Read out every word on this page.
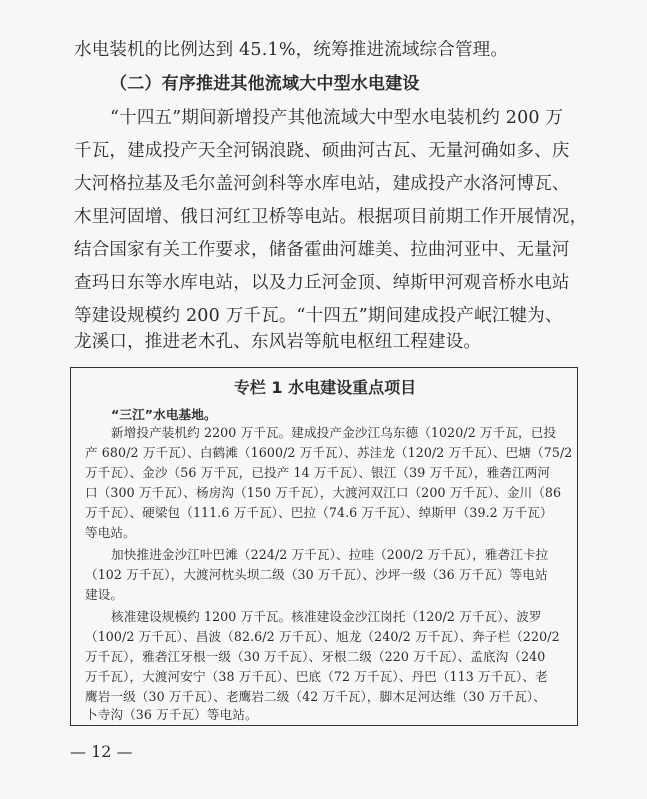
水电装机的比例达到 45.1%，统筹推进流域综合管理。
（二）有序推进其他流域大中型水电建设
“十四五”期间新增投产其他流域大中型水电装机约 200 万
千瓦，建成投产天全河锅浪跷、硕曲河古瓦、无量河确如多、庆
大河格拉基及毛尔盖河剑科等水库电站，建成投产水洛河博瓦、
木里河固增、俄日河红卫桥等电站。根据项目前期工作开展情况，
结合国家有关工作要求，储备霍曲河雄美、拉曲河亚中、无量河
查玛日东等水库电站，以及力丘河金顶、绰斯甲河观音桥水电站
等建设规模约 200 万千瓦。“十四五”期间建成投产岷江犍为、
龙溪口，推进老木孔、东风岩等航电枢纽工程建设。
专栏 1 水电建设重点项目
“三江”水电基地。
新增投产装机约 2200 万千瓦。建成投产金沙江乌东德（1020/2 万千瓦，已投
产 680/2 万千瓦）、白鹤滩（1600/2 万千瓦）、苏洼龙（120/2 万千瓦）、巴塘（75/2
万千瓦）、金沙（56 万千瓦，已投产 14 万千瓦）、银江（39 万千瓦），雅砻江两河
口（300 万千瓦）、杨房沟（150 万千瓦），大渡河双江口（200 万千瓦）、金川（86
万千瓦）、硬梁包（111.6 万千瓦）、巴拉（74.6 万千瓦）、绰斯甲（39.2 万千瓦）
等电站。
加快推进金沙江叶巴滩（224/2 万千瓦）、拉哇（200/2 万千瓦），雅砻江卡拉
（102 万千瓦），大渡河枕头坝二级（30 万千瓦）、沙坪一级（36 万千瓦）等电站
建设。
核准建设规模约 1200 万千瓦。核准建设金沙江岗托（120/2 万千瓦）、波罗
（100/2 万千瓦）、昌波（82.6/2 万千瓦）、旭龙（240/2 万千瓦）、奔子栏（220/2
万千瓦），雅砻江牙根一级（30 万千瓦）、牙根二级（220 万千瓦）、孟底沟（240
万千瓦），大渡河安宁（38 万千瓦）、巴底（72 万千瓦）、丹巴（113 万千瓦）、老
鹰岩一级（30 万千瓦）、老鹰岩二级（42 万千瓦），脚木足河达维（30 万千瓦）、
卜寺沟（36 万千瓦）等电站。
— 12 —
